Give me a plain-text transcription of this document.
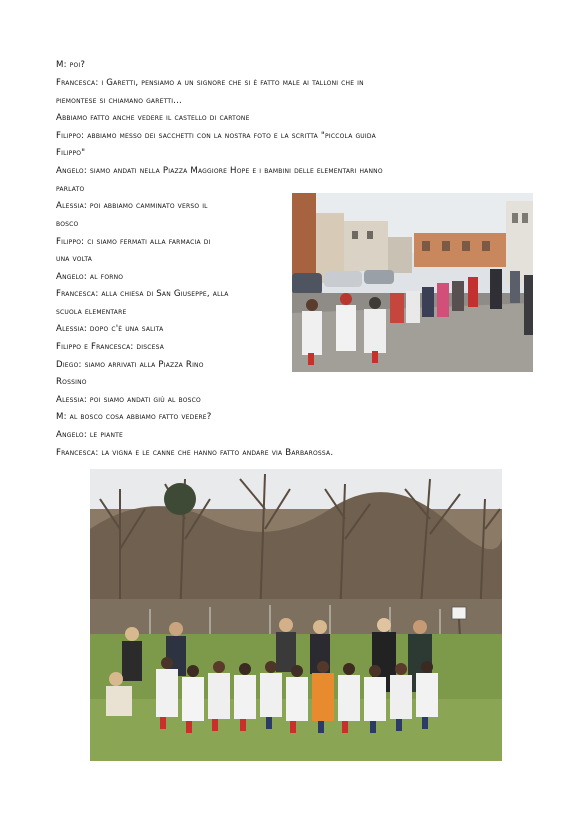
M: poi?
Francesca: i Garetti, pensiamo a un signore che si è fatto male ai talloni che in
piemontese si chiamano garetti...
Abbiamo fatto anche vedere il castello di cartone
Filippo: abbiamo messo dei sacchetti con la nostra foto e la scritta "piccola guida
Filippo"
Angelo: siamo andati nella Piazza Maggiore Hope e i bambini delle elementari hanno
parlato
Alessia: poi abbiamo camminato verso il
bosco
Filippo: ci siamo fermati alla farmacia di
una volta
Angelo: al forno
Francesca: alla chiesa di San Giuseppe, alla
scuola elementare
Alessia: dopo c'è una salita
Filippo e Francesca: discesa
Diego: siamo arrivati alla Piazza Rino
Rossino
Alessia: poi siamo andati giù al bosco
M: al bosco cosa abbiamo fatto vedere?
Angelo: le piante
Francesca: la vigna e le canne che hanno fatto andare via Barbarossa.
